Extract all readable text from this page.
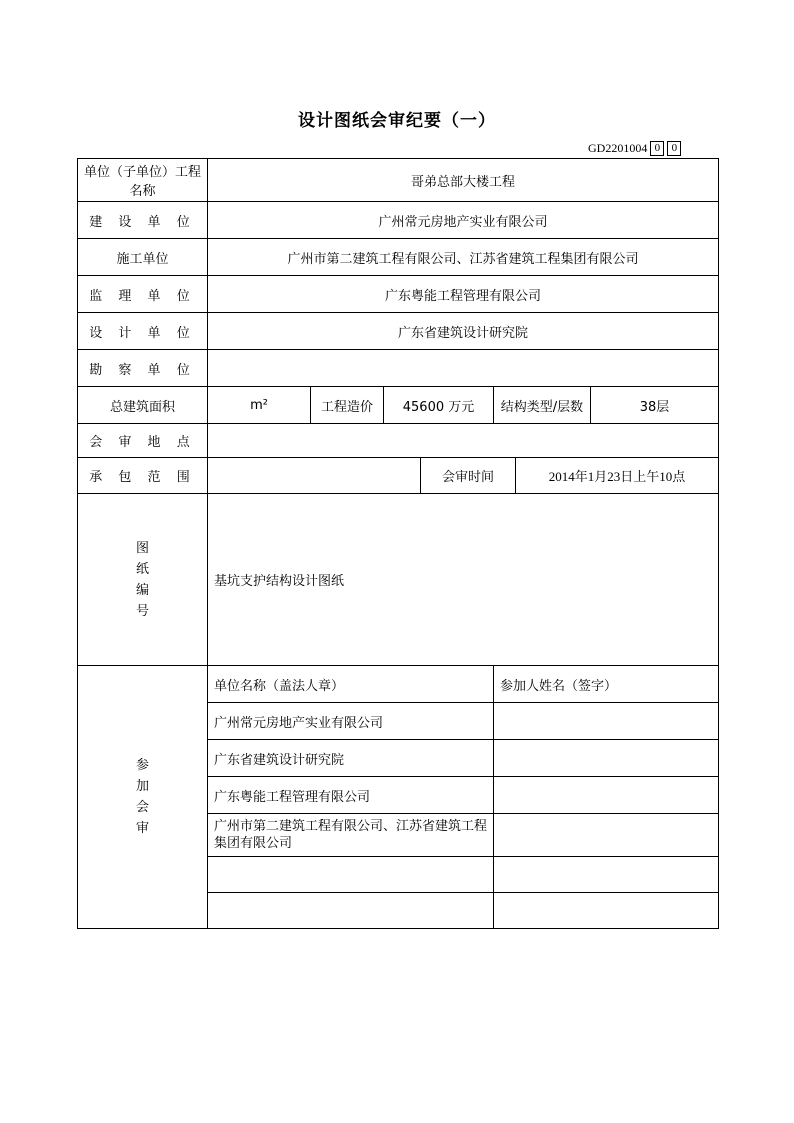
设计图纸会审纪要（一）
GD2201004 0	0
单位（子单位）工程名称	哥弟总部大楼工程						
建 设 单 位	广州常元房地产实业有限公司						
施工单位	广州市第二建筑工程有限公司、江苏省建筑工程集团有限公司						
监 理 单 位	广东粤能工程管理有限公司						
设 计 单 位	广东省建筑设计研究院						
勘 察 单 位							
总建筑面积	m²	工程造价	45600 万元		结构类型/层数		38层
会 审 地 点							
承 包 范 围				会审时间		2014年1月23日上午10点	

图
纸
编
号	基坑支护结构设计图纸						

参
加
会
审	单位名称（盖法人章）				参加人姓名（签字）		
	广州常元房地产实业有限公司						
	广东省建筑设计研究院						
	广东粤能工程管理有限公司						
	广州市第二建筑工程有限公司、江苏省建筑工程集团有限公司						
